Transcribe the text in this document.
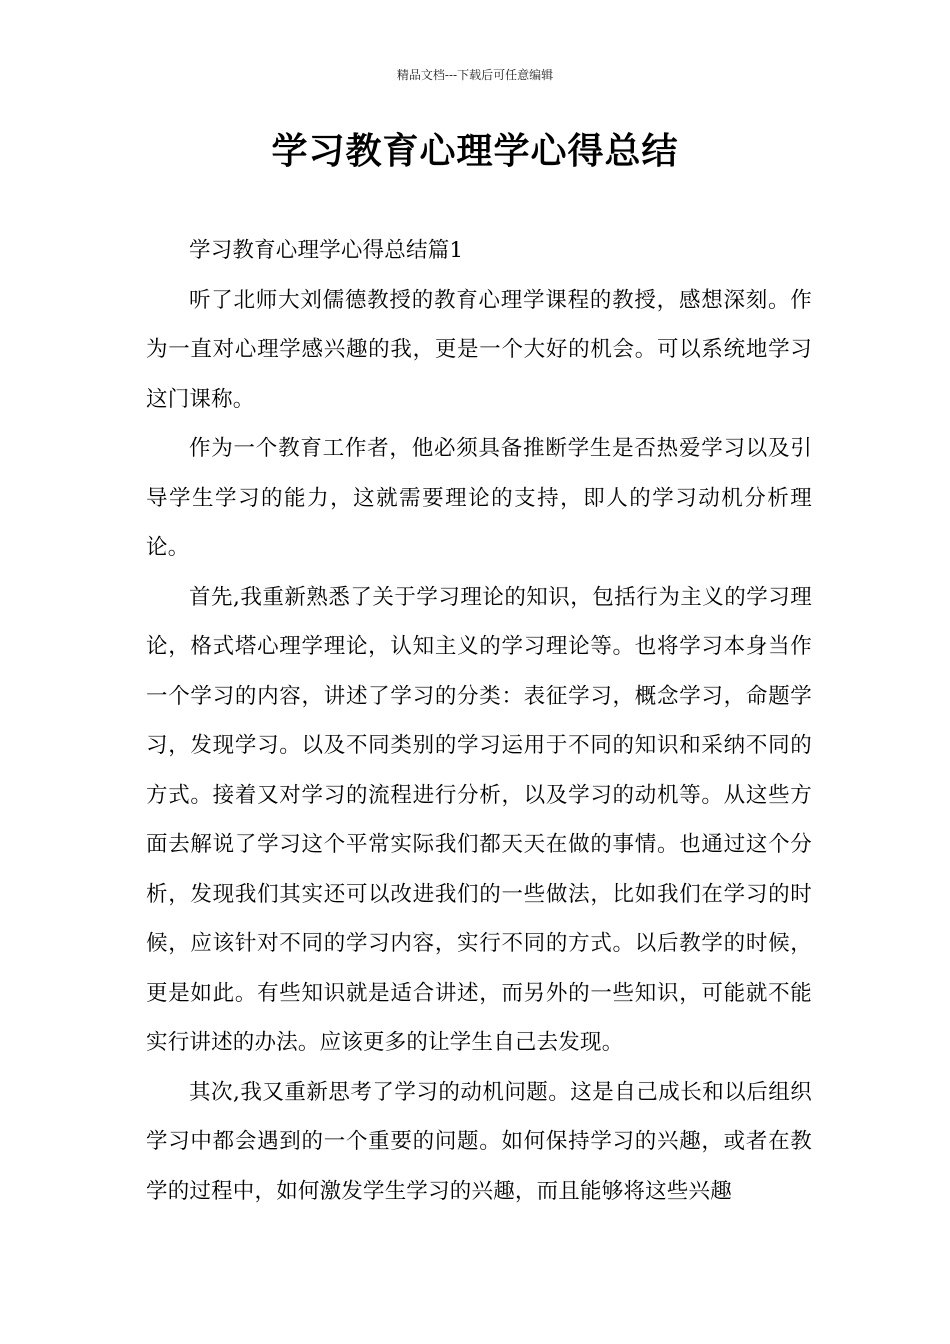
精品文档---下载后可任意编辑
学习教育心理学心得总结

学习教育心理学心得总结篇1

听了北师大刘儒德教授的教育心理学课程的教授，感想深刻。作为一直对心理学感兴趣的我，更是一个大好的机会。可以系统地学习这门课称。

作为一个教育工作者，他必须具备推断学生是否热爱学习以及引导学生学习的能力，这就需要理论的支持，即人的学习动机分析理论。

首先,我重新熟悉了关于学习理论的知识，包括行为主义的学习理论，格式塔心理学理论，认知主义的学习理论等。也将学习本身当作一个学习的内容，讲述了学习的分类：表征学习，概念学习，命题学习，发现学习。以及不同类别的学习运用于不同的知识和采纳不同的方式。接着又对学习的流程进行分析，以及学习的动机等。从这些方面去解说了学习这个平常实际我们都天天在做的事情。也通过这个分析，发现我们其实还可以改进我们的一些做法，比如我们在学习的时候，应该针对不同的学习内容，实行不同的方式。以后教学的时候，更是如此。有些知识就是适合讲述，而另外的一些知识，可能就不能实行讲述的办法。应该更多的让学生自己去发现。

其次,我又重新思考了学习的动机问题。这是自己成长和以后组织学习中都会遇到的一个重要的问题。如何保持学习的兴趣，或者在教学的过程中，如何激发学生学习的兴趣，而且能够将这些兴趣
